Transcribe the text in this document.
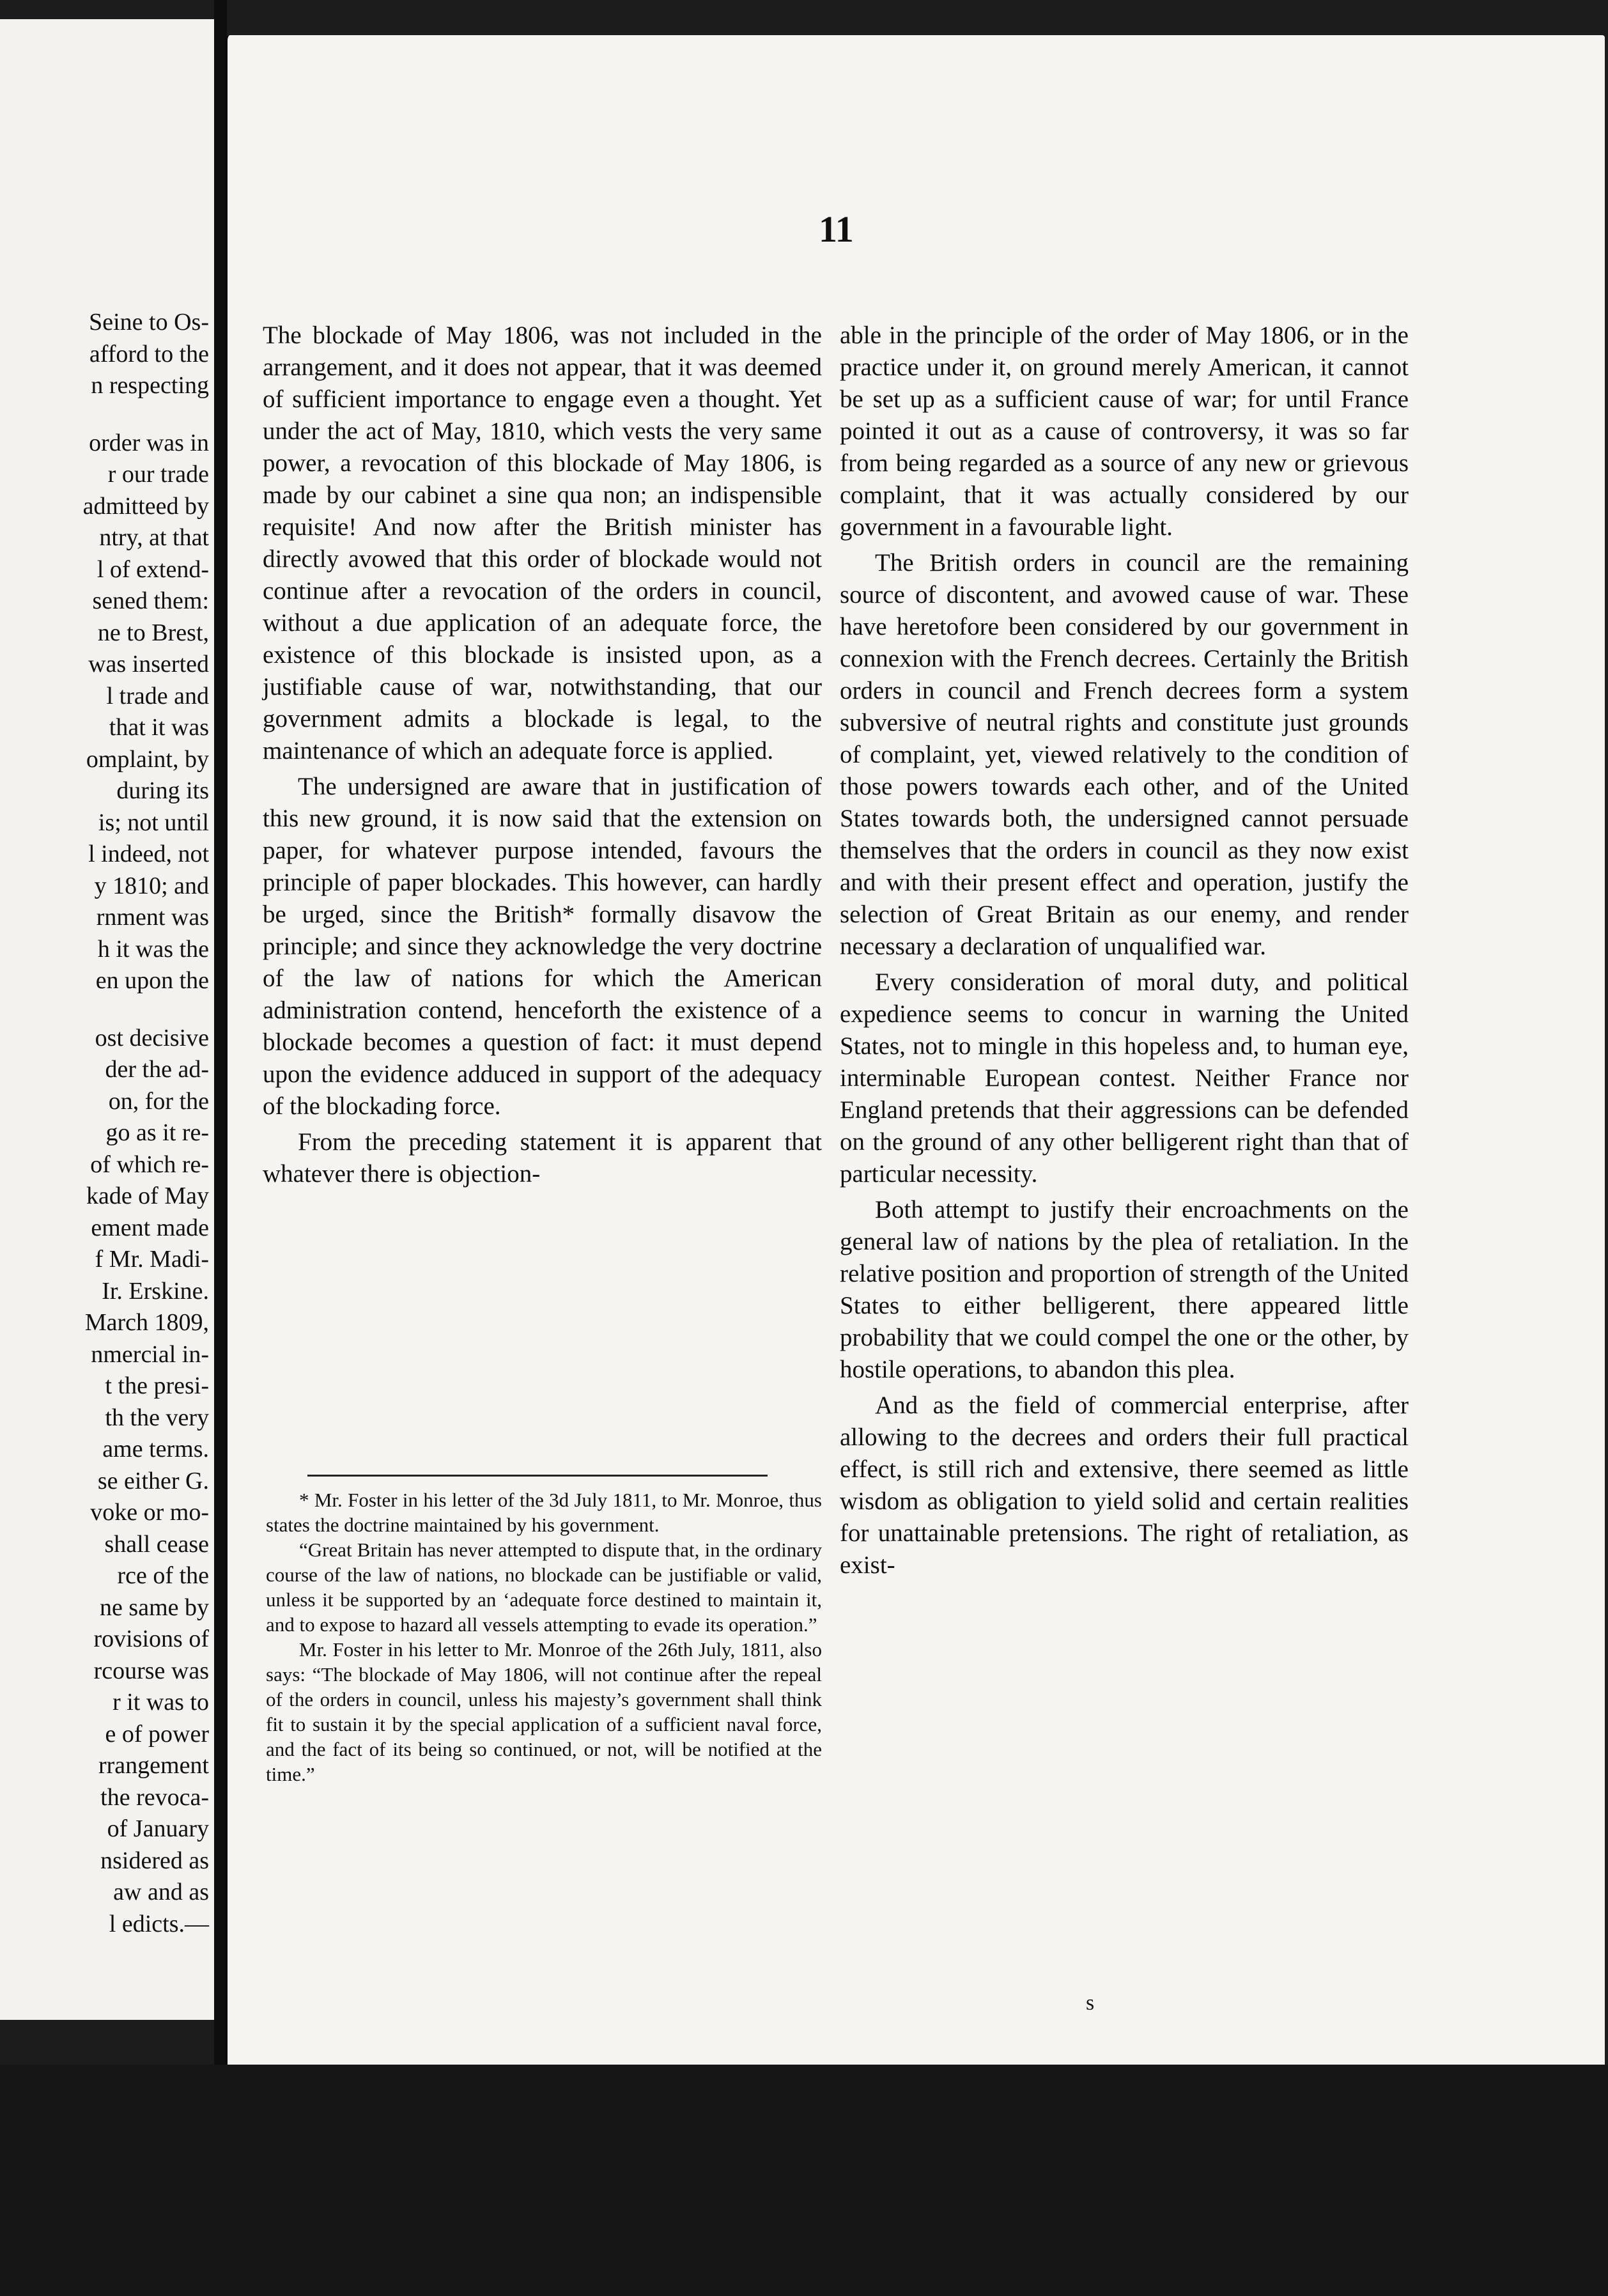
Seine to Os-
afford to the
n respecting
order was in
r our trade
admitteed by
ntry, at that
l of extend-
sened them:
ne to Brest,
was inserted
l trade and
that it was
omplaint, by
during its
is; not until
l indeed, not
y 1810; and
rnment was
h it was the
en upon the
ost decisive
der the ad-
on, for the
go as it re-
of which re-
kade of May
ement made
f Mr. Madi-
Ir. Erskine.
March 1809,
nmercial in-
t the presi-
th the very
ame terms.
se either G.
voke or mo-
shall cease
rce of the
ne same by
rovisions of
rcourse was
r it was to
e of power
rrangement
the revoca-
of January
nsidered as
aw and as
l edicts.—
11

The blockade of May 1806, was not included in the arrangement, and it does not appear, that it was deemed of sufficient importance to engage even a thought. Yet under the act of May, 1810, which vests the very same power, a revocation of this blockade of May 1806, is made by our cabinet a sine qua non; an indispensible requisite! And now after the British minister has directly avowed that this order of blockade would not continue after a revocation of the orders in council, without a due application of an adequate force, the existence of this blockade is insisted upon, as a justifiable cause of war, notwithstanding, that our government admits a blockade is legal, to the maintenance of which an adequate force is applied.

The undersigned are aware that in justification of this new ground, it is now said that the extension on paper, for whatever purpose intended, favours the principle of paper blockades. This however, can hardly be urged, since the British* formally disavow the principle; and since they acknowledge the very doctrine of the law of nations for which the American administration contend, henceforth the existence of a blockade becomes a question of fact: it must depend upon the evidence adduced in support of the adequacy of the blockading force.

From the preceding statement it is apparent that whatever there is objection-

* Mr. Foster in his letter of the 3d July 1811, to Mr. Monroe, thus states the doctrine maintained by his government.

“Great Britain has never attempted to dispute that, in the ordinary course of the law of nations, no blockade can be justifiable or valid, unless it be supported by an ‘adequate force destined to maintain it, and to expose to hazard all vessels attempting to evade its operation.”

Mr. Foster in his letter to Mr. Monroe of the 26th July, 1811, also says: “The blockade of May 1806, will not continue after the repeal of the orders in council, unless his majesty’s government shall think fit to sustain it by the special application of a sufficient naval force, and the fact of its being so continued, or not, will be notified at the time.”

able in the principle of the order of May 1806, or in the practice under it, on ground merely American, it cannot be set up as a sufficient cause of war; for until France pointed it out as a cause of controversy, it was so far from being regarded as a source of any new or grievous complaint, that it was actually considered by our government in a favourable light.

The British orders in council are the remaining source of discontent, and avowed cause of war. These have heretofore been considered by our government in connexion with the French decrees. Certainly the British orders in council and French decrees form a system subversive of neutral rights and constitute just grounds of complaint, yet, viewed relatively to the condition of those powers towards each other, and of the United States towards both, the undersigned cannot persuade themselves that the orders in council as they now exist and with their present effect and operation, justify the selection of Great Britain as our enemy, and render necessary a declaration of unqualified war.

Every consideration of moral duty, and political expedience seems to concur in warning the United States, not to mingle in this hopeless and, to human eye, interminable European contest. Neither France nor England pretends that their aggressions can be defended on the ground of any other belligerent right than that of particular necessity.

Both attempt to justify their encroachments on the general law of nations by the plea of retaliation. In the relative position and proportion of strength of the United States to either belligerent, there appeared little probability that we could compel the one or the other, by hostile operations, to abandon this plea.

And as the field of commercial enterprise, after allowing to the decrees and orders their full practical effect, is still rich and extensive, there seemed as little wisdom as obligation to yield solid and certain realities for unattainable pretensions. The right of retaliation, as exist-

s
